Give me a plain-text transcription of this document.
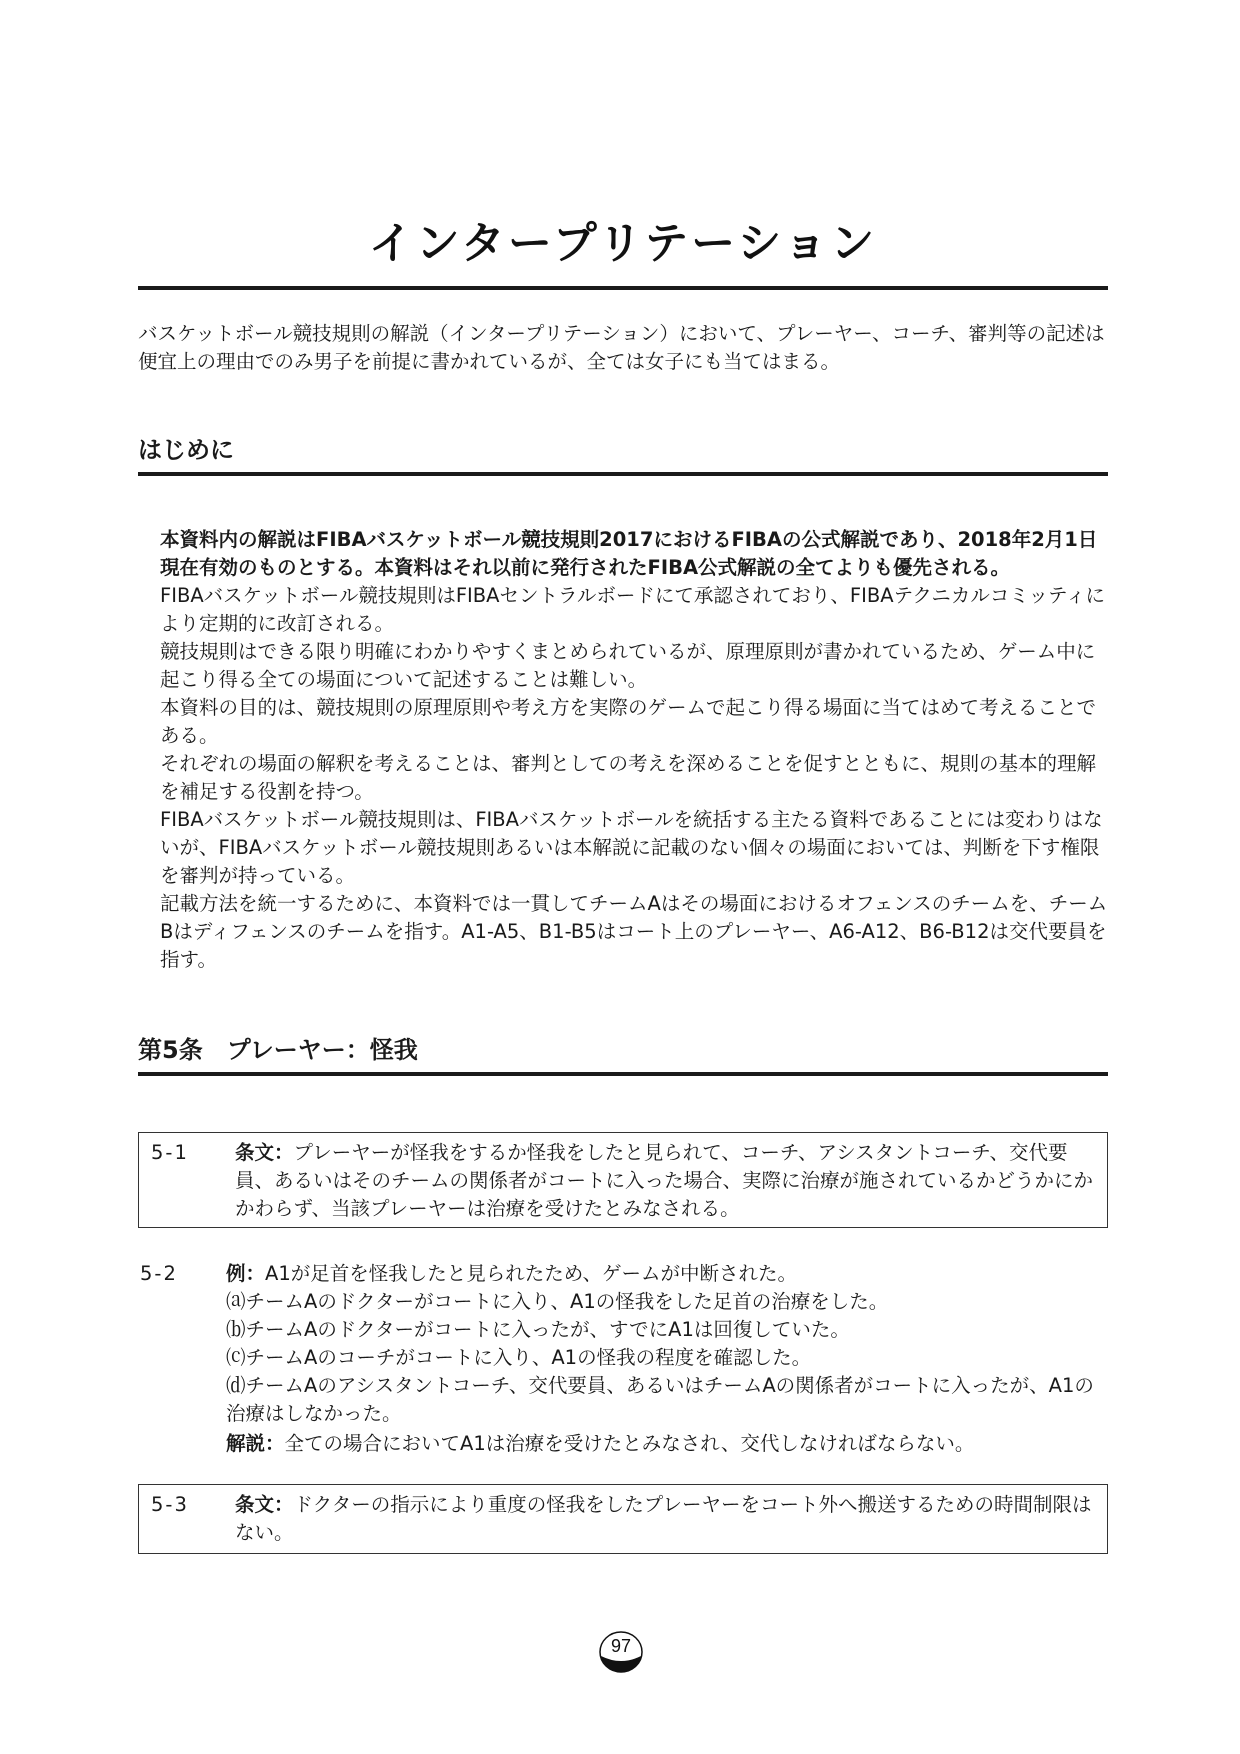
インタープリテーション
バスケットボール競技規則の解説（インタープリテーション）において、プレーヤー、コーチ、審判等の記述は便宜上の理由でのみ男子を前提に書かれているが、全ては女子にも当てはまる。
はじめに

本資料内の解説はFIBAバスケットボール競技規則2017におけるFIBAの公式解説であり、2018年2月1日現在有効のものとする。本資料はそれ以前に発行されたFIBA公式解説の全てよりも優先される。

FIBAバスケットボール競技規則はFIBAセントラルボードにて承認されており、FIBAテクニカルコミッティにより定期的に改訂される。

競技規則はできる限り明確にわかりやすくまとめられているが、原理原則が書かれているため、ゲーム中に起こり得る全ての場面について記述することは難しい。

本資料の目的は、競技規則の原理原則や考え方を実際のゲームで起こり得る場面に当てはめて考えることである。

それぞれの場面の解釈を考えることは、審判としての考えを深めることを促すとともに、規則の基本的理解を補足する役割を持つ。

FIBAバスケットボール競技規則は、FIBAバスケットボールを統括する主たる資料であることには変わりはないが、FIBAバスケットボール競技規則あるいは本解説に記載のない個々の場面においては、判断を下す権限を審判が持っている。

記載方法を統一するために、本資料では一貫してチームAはその場面におけるオフェンスのチームを、チームBはディフェンスのチームを指す。A1-A5、B1-B5はコート上のプレーヤー、A6-A12、B6-B12は交代要員を指す。

第5条　プレーヤー：怪我
5-1 条文：プレーヤーが怪我をするか怪我をしたと見られて、コーチ、アシスタントコーチ、交代要員、あるいはそのチームの関係者がコートに入った場合、実際に治療が施されているかどうかにかかわらず、当該プレーヤーは治療を受けたとみなされる。
5-2 例：A1が足首を怪我したと見られたため、ゲームが中断された。

⒜チームAのドクターがコートに入り、A1の怪我をした足首の治療をした。

⒝チームAのドクターがコートに入ったが、すでにA1は回復していた。

⒞チームAのコーチがコートに入り、A1の怪我の程度を確認した。

⒟チームAのアシスタントコーチ、交代要員、あるいはチームAの関係者がコートに入ったが、A1の治療はしなかった。

解説：全ての場合においてA1は治療を受けたとみなされ、交代しなければならない。

5-3 条文：ドクターの指示により重度の怪我をしたプレーヤーをコート外へ搬送するための時間制限はない。
97
